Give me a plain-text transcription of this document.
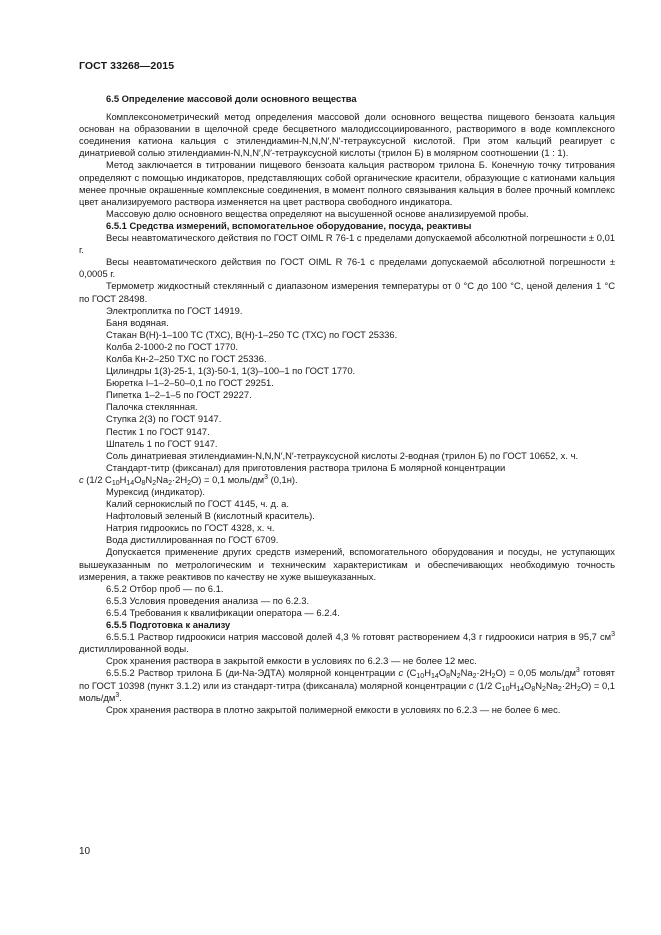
ГОСТ 33268—2015

6.5 Определение массовой доли основного вещества

Комплексонометрический метод определения массовой доли основного вещества пищевого бензоата кальция основан на образовании в щелочной среде бесцветного малодиссоциированного, растворимого в воде комплексного соединения катиона кальция с этилендиамин-N,N,N′,N′-тетрауксусной кислотой. При этом кальций реагирует с динатриевой солью этилендиамин-N,N,N′,N′-тетрауксусной кислоты (трилон Б) в молярном соотношении (1 : 1).

Метод заключается в титровании пищевого бензоата кальция раствором трилона Б. Конечную точку титрования определяют с помощью индикаторов, представляющих собой органические красители, образующие с катионами кальция менее прочные окрашенные комплексные соединения, в момент полного связывания кальция в более прочный комплекс цвет анализируемого раствора изменяется на цвет раствора свободного индикатора.

Массовую долю основного вещества определяют на высушенной основе анализируемой пробы.

6.5.1 Средства измерений, вспомогательное оборудование, посуда, реактивы

Весы неавтоматического действия по ГОСТ OIML R 76-1 с пределами допускаемой абсолютной погрешности ± 0,01 г.

Весы неавтоматического действия по ГОСТ OIML R 76-1 с пределами допускаемой абсолютной погрешности ± 0,0005 г.

Термометр жидкостный стеклянный с диапазоном измерения температуры от 0 °С до 100 °С, ценой деления 1 °С по ГОСТ 28498.

Электроплитка по ГОСТ 14919.

Баня водяная.

Стакан В(Н)-1–100 ТС (ТХС), В(Н)-1–250 ТС (ТХС) по ГОСТ 25336.

Колба 2-1000-2 по ГОСТ 1770.

Колба Кн-2–250 ТХС по ГОСТ 25336.

Цилиндры 1(3)-25-1, 1(3)-50-1, 1(3)–100–1 по ГОСТ 1770.

Бюретка I–1–2–50–0,1 по ГОСТ 29251.

Пипетка 1–2–1–5 по ГОСТ 29227.

Палочка стеклянная.

Ступка 2(3) по ГОСТ 9147.

Пестик 1 по ГОСТ 9147.

Шпатель 1 по ГОСТ 9147.

Соль динатриевая этилендиамин-N,N,N′,N′-тетрауксусной кислоты 2-водная (трилон Б) по ГОСТ 10652, х. ч.

Стандарт-титр (фиксанал) для приготовления раствора трилона Б молярной концентрации
c (1/2 $C_{10}H_{14}O_8N_2Na_2\cdot 2H_2O) = 0,1$ моль/$дм^3$ (0,1н).

Мурексид (индикатор).

Калий сернокислый по ГОСТ 4145, ч. д. а.

Нафтоловый зеленый В (кислотный краситель).

Натрия гидроокись по ГОСТ 4328, х. ч.

Вода дистиллированная по ГОСТ 6709.

Допускается применение других средств измерений, вспомогательного оборудования и посуды, не уступающих вышеуказанным по метрологическим и техническим характеристикам и обеспечивающих необходимую точность измерения, а также реактивов по качеству не хуже вышеуказанных.

6.5.2 Отбор проб — по 6.1.

6.5.3 Условия проведения анализа — по 6.2.3.

6.5.4 Требования к квалификации оператора — 6.2.4.

6.5.5 Подготовка к анализу

6.5.5.1 Раствор гидроокиси натрия массовой долей 4,3 % готовят растворением 4,3 г гидроокиси натрия в 95,7 $см^3$ дистиллированной воды.

Срок хранения раствора в закрытой емкости в условиях по 6.2.3 — не более 12 мес.

6.5.5.2 Раствор трилона Б (ди-Na-ЭДТА) молярной концентрации c $(C_{10}H_{14}O_8N_2Na_2\cdot 2H_2O) = 0,05$ моль/$дм^3$ готовят по ГОСТ 10398 (пункт 3.1.2) или из стандарт-титра (фиксанала) молярной концентрации c (1/2 $C_{10}H_{14}O_8N_2Na_2\cdot 2H_2O) = 0,1$ моль/$дм^3$.

Срок хранения раствора в плотно закрытой полимерной емкости в условиях по 6.2.3 — не более 6 мес.

10
